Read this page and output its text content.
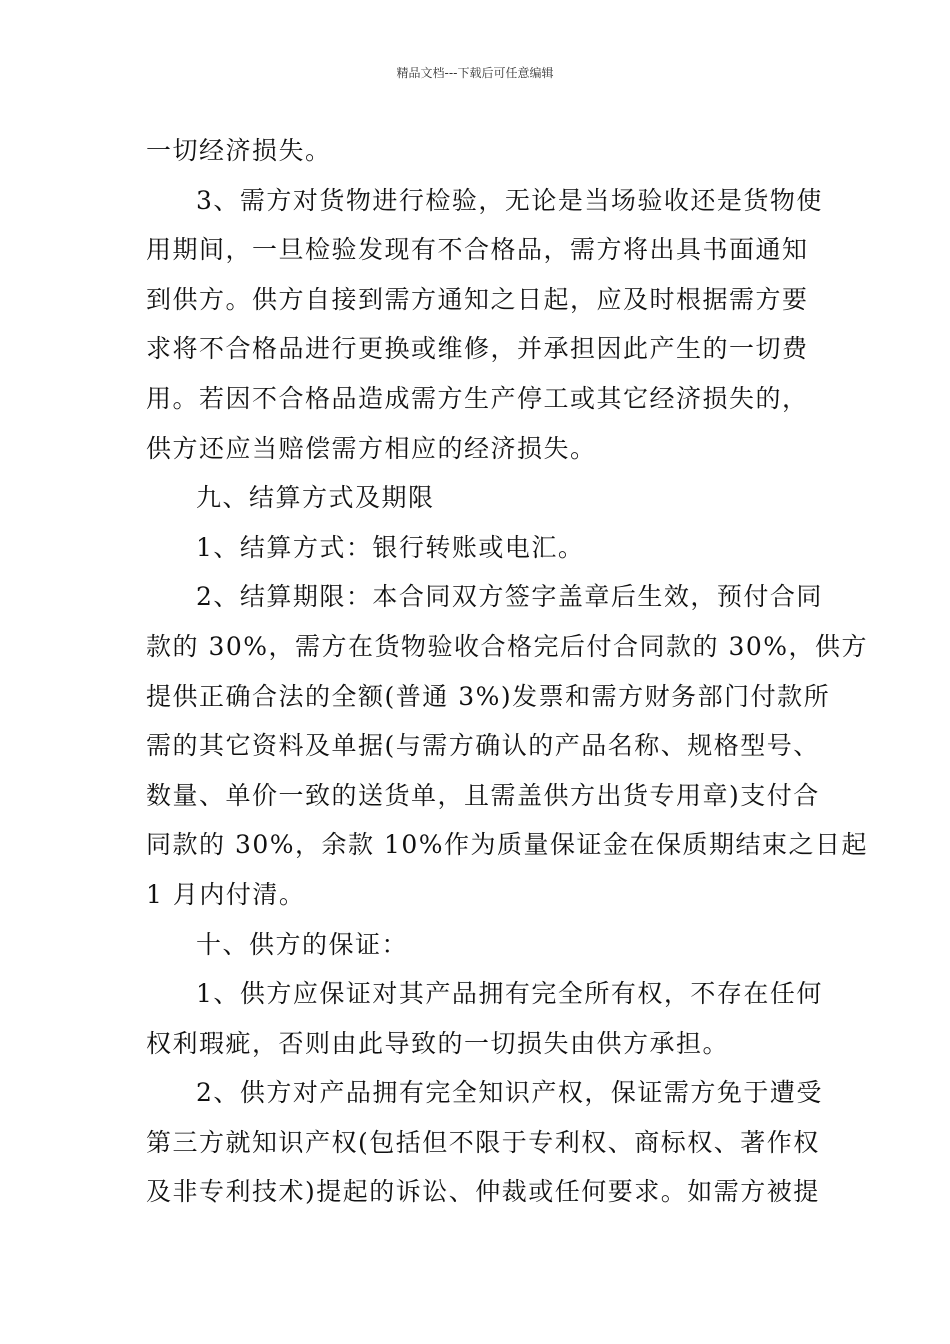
精品文档---下载后可任意编辑
一切经济损失。
3、需方对货物进行检验，无论是当场验收还是货物使
用期间，一旦检验发现有不合格品，需方将出具书面通知
到供方。供方自接到需方通知之日起，应及时根据需方要
求将不合格品进行更换或维修，并承担因此产生的一切费
用。若因不合格品造成需方生产停工或其它经济损失的，
供方还应当赔偿需方相应的经济损失。
九、结算方式及期限
1、结算方式：银行转账或电汇。
2、结算期限：本合同双方签字盖章后生效，预付合同
款的 30%，需方在货物验收合格完后付合同款的 30%，供方
提供正确合法的全额(普通 3%)发票和需方财务部门付款所
需的其它资料及单据(与需方确认的产品名称、规格型号、
数量、单价一致的送货单，且需盖供方出货专用章)支付合
同款的 30%，余款 10%作为质量保证金在保质期结束之日起
1 月内付清。
十、供方的保证：
1、供方应保证对其产品拥有完全所有权，不存在任何
权利瑕疵，否则由此导致的一切损失由供方承担。
2、供方对产品拥有完全知识产权，保证需方免于遭受
第三方就知识产权(包括但不限于专利权、商标权、著作权
及非专利技术)提起的诉讼、仲裁或任何要求。如需方被提
